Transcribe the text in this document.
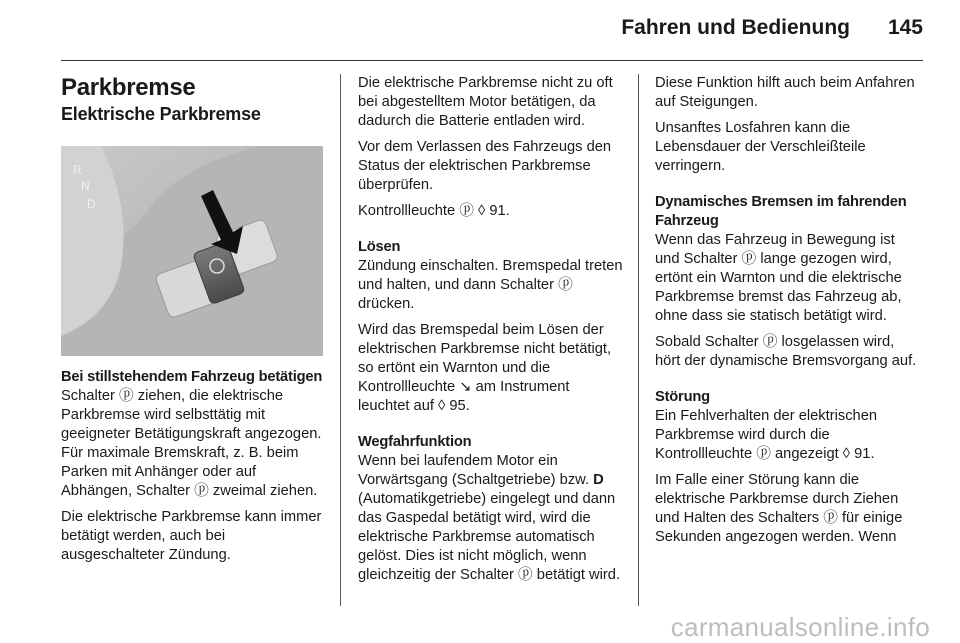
Fahren und Bedienung	145
Parkbremse
Elektrische Parkbremse
R
N
D

Bei stillstehendem Fahrzeug betätigen

Schalter ⓟ ziehen, die elektrische Parkbremse wird selbsttätig mit geeigneter Betätigungskraft angezogen. Für maximale Bremskraft, z. B. beim Parken mit Anhänger oder auf Abhängen, Schalter ⓟ zweimal ziehen.

Die elektrische Parkbremse kann immer betätigt werden, auch bei ausgeschalteter Zündung.

Die elektrische Parkbremse nicht zu oft bei abgestelltem Motor betätigen, da dadurch die Batterie entladen wird.

Vor dem Verlassen des Fahrzeugs den Status der elektrischen Parkbremse überprüfen.

Kontrollleuchte ⓟ ◊ 91.

Lösen

Zündung einschalten. Bremspedal treten und halten, und dann Schalter ⓟ drücken.

Wird das Bremspedal beim Lösen der elektrischen Parkbremse nicht betätigt, so ertönt ein Warnton und die Kontrollleuchte ↘ am Instrument leuchtet auf ◊ 95.

Wegfahrfunktion

Wenn bei laufendem Motor ein Vorwärtsgang (Schaltgetriebe) bzw. D (Automatikgetriebe) eingelegt und dann das Gaspedal betätigt wird, wird die elektrische Parkbremse automatisch gelöst. Dies ist nicht möglich, wenn gleichzeitig der Schalter ⓟ betätigt wird.

Diese Funktion hilft auch beim Anfahren auf Steigungen.

Unsanftes Losfahren kann die Lebensdauer der Verschleißteile verringern.

Dynamisches Bremsen im fahrenden Fahrzeug

Wenn das Fahrzeug in Bewegung ist und Schalter ⓟ lange gezogen wird, ertönt ein Warnton und die elektrische Parkbremse bremst das Fahrzeug ab, ohne dass sie statisch betätigt wird.

Sobald Schalter ⓟ losgelassen wird, hört der dynamische Bremsvorgang auf.

Störung

Ein Fehlverhalten der elektrischen Parkbremse wird durch die Kontrollleuchte ⓟ angezeigt ◊ 91.

Im Falle einer Störung kann die elektrische Parkbremse durch Ziehen und Halten des Schalters ⓟ für einige Sekunden angezogen werden. Wenn

carmanualsonline.info
